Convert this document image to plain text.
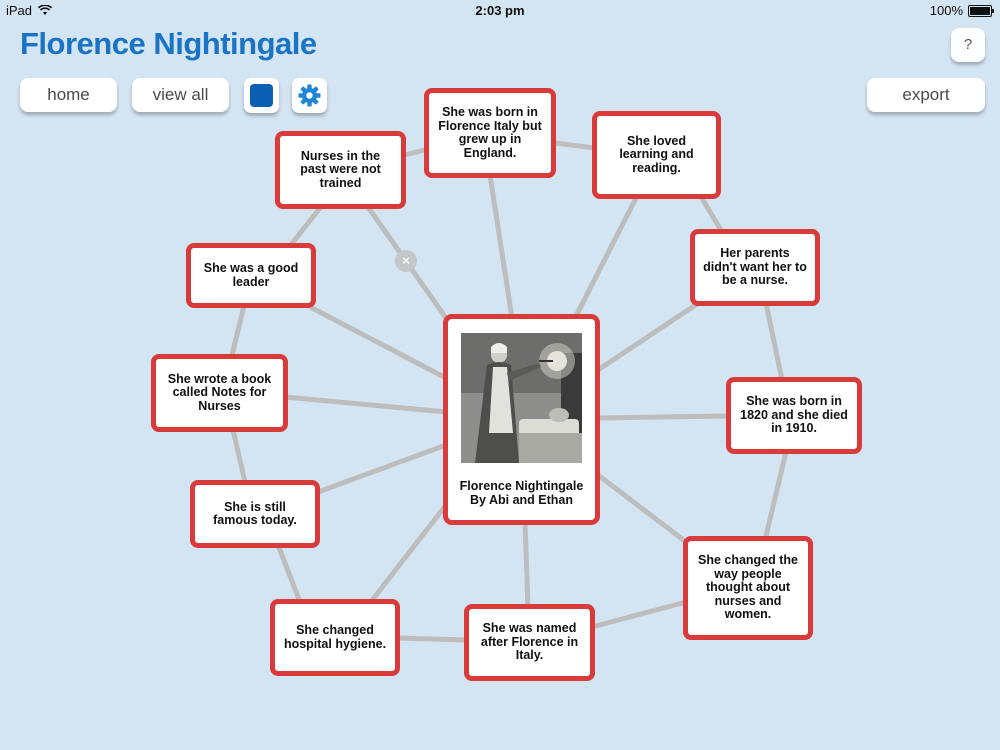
iPad	2:03 pm	100%
Florence Nightingale
home	view all	export
?
×
Florence Nightingale
By Abi and Ethan
She was born in Florence Italy but grew up in England.
She loved learning and reading.
Her parents didn't want her to be a nurse.
She was born in 1820 and she died in 1910.
She changed the way people thought about nurses and women.
She was named after Florence in Italy.
She changed hospital hygiene.
She is still famous today.
She wrote a book called Notes for Nurses
She was a good leader
Nurses in the past were not trained
